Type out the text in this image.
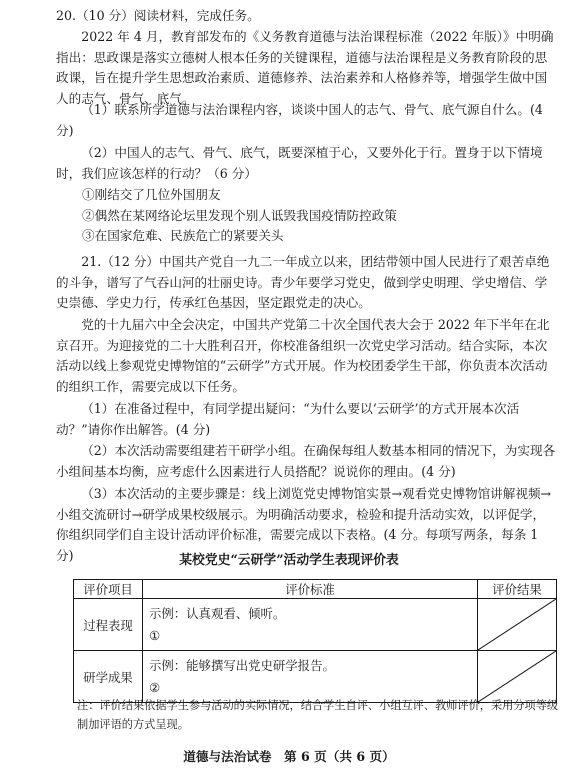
20.（10 分）阅读材料，完成任务。

2022 年 4 月，教育部发布的《义务教育道德与法治课程标准（2022 年版）》中明确指出：思政课是落实立德树人根本任务的关键课程，道德与法治课程是义务教育阶段的思政课，旨在提升学生思想政治素质、道德修养、法治素养和人格修养等，增强学生做中国人的志气、骨气、底气。

（1）联系所学道德与法治课程内容，谈谈中国人的志气、骨气、底气源自什么。(4 分)

（2）中国人的志气、骨气、底气，既要深植于心，又要外化于行。置身于以下情境时，我们应该怎样的行动？（6 分）

①刚结交了几位外国朋友

②偶然在某网络论坛里发现个别人诋毁我国疫情防控政策

③在国家危难、民族危亡的紧要关头

21.（12 分）中国共产党自一九二一年成立以来，团结带领中国人民进行了艰苦卓绝的斗争，谱写了气吞山河的壮丽史诗。青少年要学习党史，做到学史明理、学史增信、学史崇德、学史力行，传承红色基因，坚定跟党走的决心。

党的十九届六中全会决定，中国共产党第二十次全国代表大会于 2022 年下半年在北京召开。为迎接党的二十大胜利召开，你校准备组织一次党史学习活动。结合实际，本次活动以线上参观党史博物馆的“云研学”方式开展。作为校团委学生干部，你负责本次活动的组织工作，需要完成以下任务。

（1）在准备过程中，有同学提出疑问：“为什么要以‘云研学’的方式开展本次活动？”请你作出解答。(4 分)

（2）本次活动需要组建若干研学小组。在确保每组人数基本相同的情况下，为实现各小组间基本均衡，应考虑什么因素进行人员搭配？说说你的理由。(4 分)

（3）本次活动的主要步骤是：线上浏览党史博物馆实景→观看党史博物馆讲解视频→小组交流研讨→研学成果校级展示。为明确活动要求，检验和提升活动实效，以评促学，你组织同学们自主设计活动评价标准，需要完成以下表格。(4 分。每项写两条，每条 1 分)	某校党史“云研学”活动学生表现评价表
评价项目	评价标准	评价结果
过程表现	示例：认真观看、倾听。
①

研学成果	示例：能够撰写出党史研学报告。
②

注：评价结果依据学生参与活动的实际情况，结合学生自评、小组互评、教师评价，采用分项等级制加评语的方式呈现。
道德与法治试卷　第 6 页（共 6 页）
